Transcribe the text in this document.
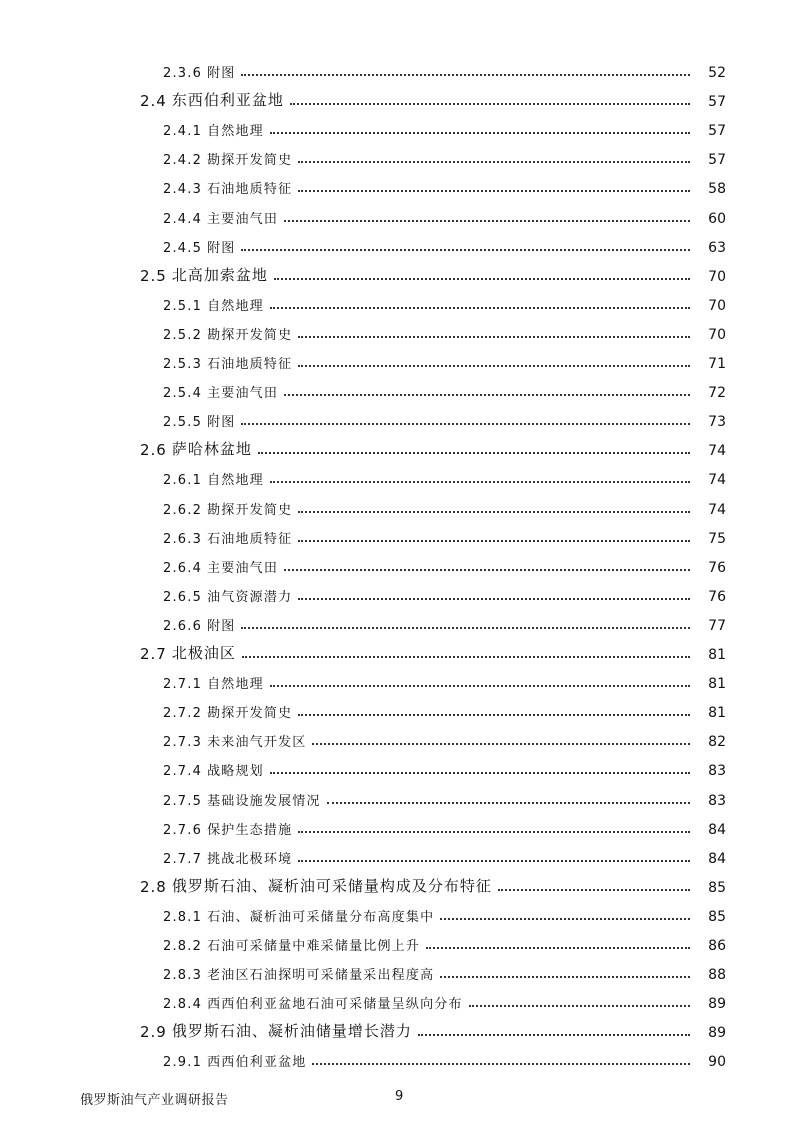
2.3.6 附图	52
2.4 东西伯利亚盆地	57
2.4.1 自然地理	57
2.4.2 勘探开发简史	57
2.4.3 石油地质特征	58
2.4.4 主要油气田	60
2.4.5 附图	63
2.5 北高加索盆地	70
2.5.1 自然地理	70
2.5.2 勘探开发简史	70
2.5.3 石油地质特征	71
2.5.4 主要油气田	72
2.5.5 附图	73
2.6 萨哈林盆地	74
2.6.1 自然地理	74
2.6.2 勘探开发简史	74
2.6.3 石油地质特征	75
2.6.4 主要油气田	76
2.6.5 油气资源潜力	76
2.6.6 附图	77
2.7 北极油区	81
2.7.1 自然地理	81
2.7.2 勘探开发简史	81
2.7.3 未来油气开发区	82
2.7.4 战略规划	83
2.7.5 基础设施发展情况	83
2.7.6 保护生态措施	84
2.7.7 挑战北极环境	84
2.8 俄罗斯石油、凝析油可采储量构成及分布特征	85
2.8.1 石油、凝析油可采储量分布高度集中	85
2.8.2 石油可采储量中难采储量比例上升	86
2.8.3 老油区石油探明可采储量采出程度高	88
2.8.4 西西伯利亚盆地石油可采储量呈纵向分布	89
2.9 俄罗斯石油、凝析油储量增长潜力	89
2.9.1 西西伯利亚盆地	90
俄罗斯油气产业调研报告	9
